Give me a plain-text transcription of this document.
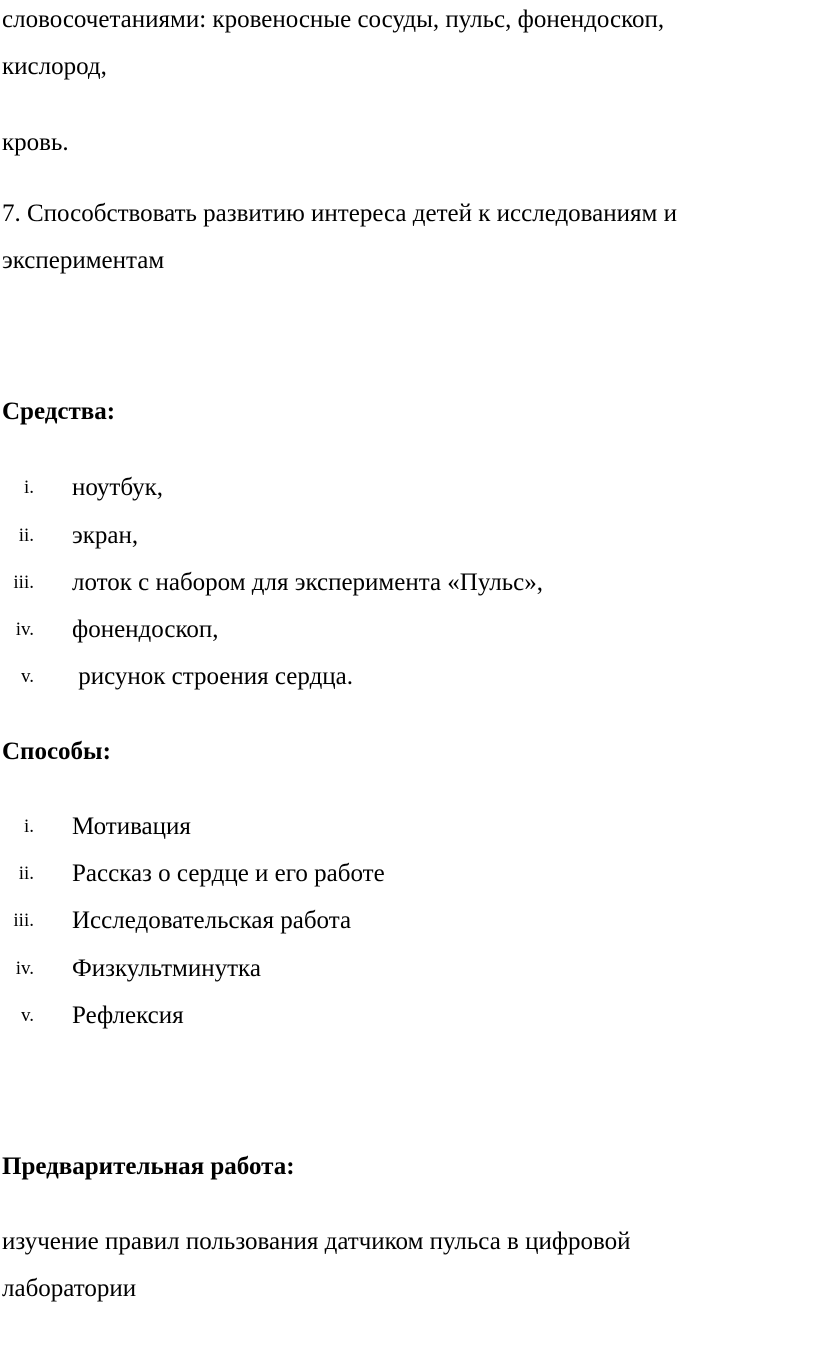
словосочетаниями: кровеносные сосуды, пульс, фонендоскоп,
кислород,
кровь.
7. Способствовать развитию интереса детей к исследованиям и
экспериментам
Средства:
i. ноутбук,
ii. экран,
iii. лоток с набором для эксперимента «Пульс»,
iv. фонендоскоп,
v. рисунок строения сердца.
Способы:
i. Мотивация
ii. Рассказ о сердце и его работе
iii. Исследовательская работа
iv. Физкультминутка
v. Рефлексия
Предварительная работа:
изучение правил пользования датчиком пульса в цифровой
лаборатории
